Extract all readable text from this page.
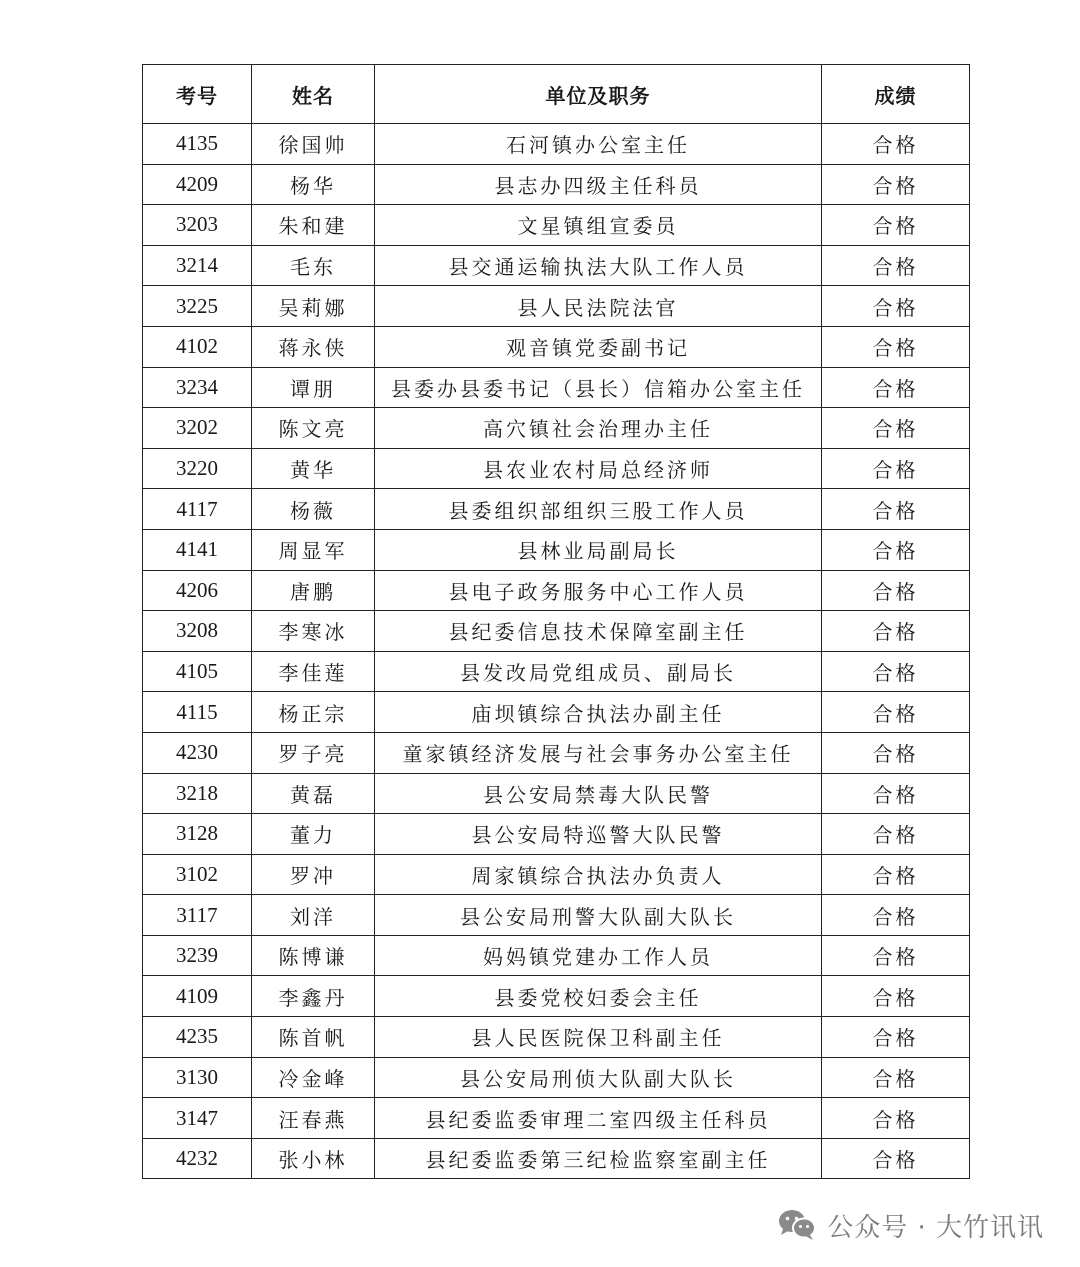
考号	姓名	单位及职务	成绩
4135	徐国帅	石河镇办公室主任	合格
4209	杨华	县志办四级主任科员	合格
3203	朱和建	文星镇组宣委员	合格
3214	毛东	县交通运输执法大队工作人员	合格
3225	吴莉娜	县人民法院法官	合格
4102	蒋永侠	观音镇党委副书记	合格
3234	谭朋	县委办县委书记（县长）信箱办公室主任	合格
3202	陈文亮	高穴镇社会治理办主任	合格
3220	黄华	县农业农村局总经济师	合格
4117	杨薇	县委组织部组织三股工作人员	合格
4141	周显军	县林业局副局长	合格
4206	唐鹏	县电子政务服务中心工作人员	合格
3208	李寒冰	县纪委信息技术保障室副主任	合格
4105	李佳莲	县发改局党组成员、副局长	合格
4115	杨正宗	庙坝镇综合执法办副主任	合格
4230	罗子亮	童家镇经济发展与社会事务办公室主任	合格
3218	黄磊	县公安局禁毒大队民警	合格
3128	董力	县公安局特巡警大队民警	合格
3102	罗冲	周家镇综合执法办负责人	合格
3117	刘洋	县公安局刑警大队副大队长	合格
3239	陈博谦	妈妈镇党建办工作人员	合格
4109	李鑫丹	县委党校妇委会主任	合格
4235	陈首帆	县人民医院保卫科副主任	合格
3130	冷金峰	县公安局刑侦大队副大队长	合格
3147	汪春燕	县纪委监委审理二室四级主任科员	合格
4232	张小林	县纪委监委第三纪检监察室副主任	合格
公众号 · 大竹讯讯
